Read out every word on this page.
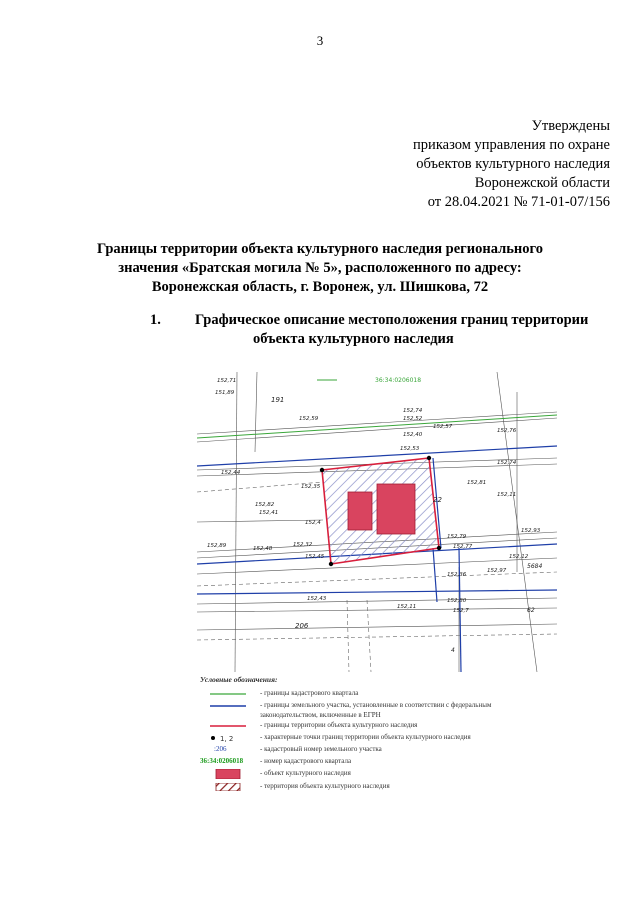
3
Утверждены
приказом управления по охране
объектов культурного наследия
Воронежской области
от 28.04.2021 № 71-01-07/156
Границы территории объекта культурного наследия регионального
значения «Братская могила № 5», расположенного по адресу:
Воронежская область, г. Воронеж, ул. Шишкова, 72
1. Графическое описание местоположения границ территории
объекта культурного наследия
36:34:0206018
152,71
151,89
152,59
152,74
152,52
152,57
152,40
152,53
152,44
152,35
152,82
152,41
152,4
152,89	152,48
152,32
152,45
152,43
152,74
152,11
152,81
152,93
152,79
152,77
152,80
152,7
152,12
152,36
152,11
152,97
152,76
206
191
5684
62
22
4
Условные обозначения:
- границы кадастрового квартала
- границы земельного участка, установленные в соответствии с федеральным
законодательством, включенные в ЕГРН
- границы территории объекта культурного наследия
1, 2	- характерные точки границ территории объекта культурного наследия
:206	- кадастровый номер земельного участка
36:34:0206018 - номер кадастрового квартала
- объект культурного наследия
- территория объекта культурного наследия
